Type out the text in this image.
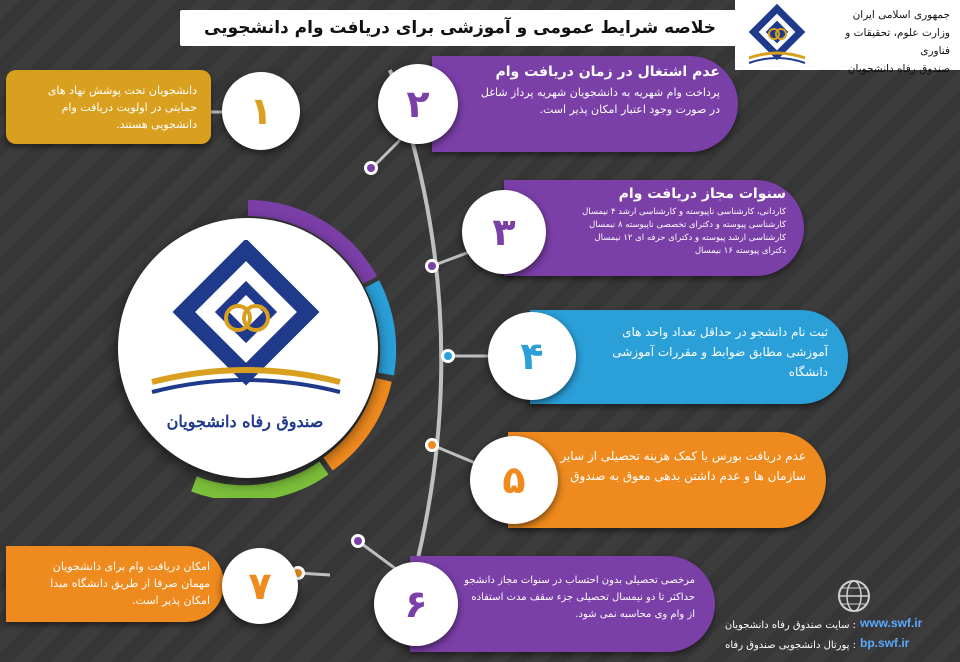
جمهوری اسلامی ایران
وزارت علوم، تحقیقات و فناوری
صندوق رفاه دانشجویان
خلاصه شرایط عمومی و آموزشی برای دریافت وام دانشجویی
صندوق رفاه دانشجویان
دانشجویان تحت پوشش نهاد های حمایتی در اولویت دریافت وام دانشجویی هستند.	۱
عدم اشتغال در زمان دریافت وام
پرداخت وام شهریه به دانشجویان شهریه پرداز شاغل در صورت وجود اعتبار امکان پذیر است.
۲
سنوات مجاز دریافت وام
کاردانی، کارشناسی ناپیوسته و کارشناسی ارشد ۴ نیمسال
کارشناسی پیوسته و دکترای تخصصی ناپیوسته ۸ نیمسال
کارشناسی ارشد پیوسته و دکترای حرفه ای ۱۲ نیمسال
دکترای پیوسته ۱۶ نیمسال
۳
ثبت نام دانشجو در حداقل تعداد واحد های آموزشی مطابق ضوابط و مقررات آموزشی دانشگاه
۴
عدم دریافت بورس یا کمک هزینه تحصیلی از سایر سازمان ها و عدم داشتن بدهی معوق به صندوق
۵
مرخصی تحصیلی بدون احتساب در سنوات مجاز دانشجو حداکثر تا دو نیمسال تحصیلی جزء سقف مدت استفاده از وام وی محاسبه نمی شود.
۶
امکان دریافت وام برای دانشجویان مهمان صرفا از طریق دانشگاه مبدا امکان پذیر است.	۷
: سایت صندوق رفاه دانشجویان www.swf.ir
: پورتال دانشجویی صندوق رفاه bp.swf.ir
